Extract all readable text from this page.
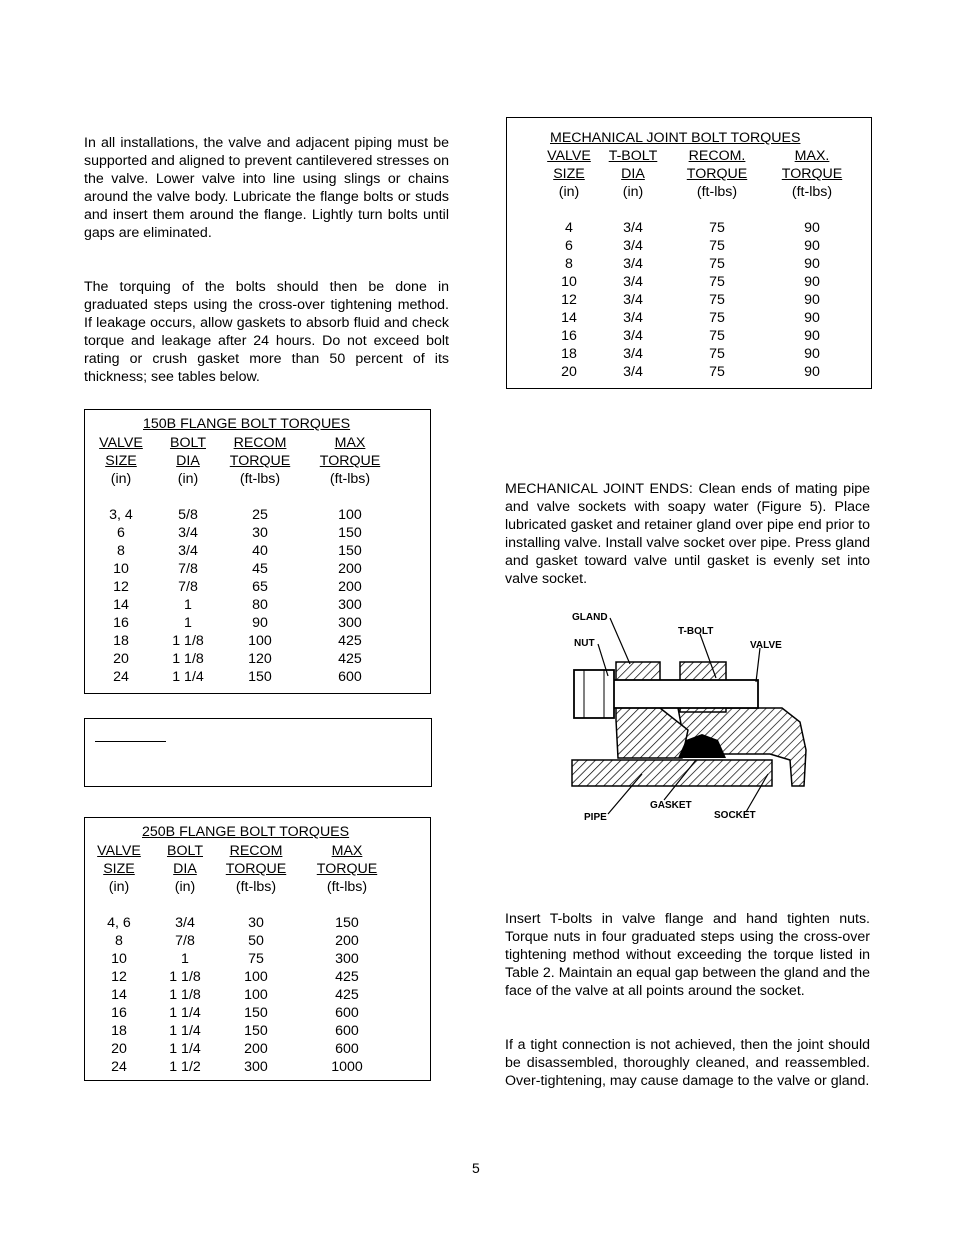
In all installations, the valve and adjacent piping must be supported and aligned to prevent cantilevered stresses on the valve. Lower valve into line using slings or chains around the valve body. Lubricate the flange bolts or studs and insert them around the flange. Lightly turn bolts until gaps are eliminated.

The torquing of the bolts should then be done in graduated steps using the cross-over tightening method. If leakage occurs, allow gaskets to absorb fluid and check torque and leakage after 24 hours. Do not exceed bolt rating or crush gasket more than 50 percent of its thickness; see tables below.

150B FLANGE BOLT TORQUES
VALVE	BOLT	RECOM	MAX
SIZE	DIA	TORQUE	TORQUE
(in)	(in)	(ft-lbs)	(ft-lbs)

3, 4	5/8	25	100
6	3/4	30	150
8	3/4	40	150
10	7/8	45	200
12	7/8	65	200
14	1	80	300
16	1	90	300
18	1 1/8	100	425
20	1 1/8	120	425
24	1 1/4	150	600
250B FLANGE BOLT TORQUES
VALVE	BOLT	RECOM	MAX
SIZE	DIA	TORQUE	TORQUE
(in)	(in)	(ft-lbs)	(ft-lbs)

4, 6	3/4	30	150
8	7/8	50	200
10	1	75	300
12	1 1/8	100	425
14	1 1/8	100	425
16	1 1/4	150	600
18	1 1/4	150	600
20	1 1/4	200	600
24	1 1/2	300	1000
MECHANICAL JOINT BOLT TORQUES
VALVE	T-BOLT	RECOM.	MAX.
SIZE	DIA	TORQUE	TORQUE
(in)	(in)	(ft-lbs)	(ft-lbs)

4	3/4	75	90
6	3/4	75	90
8	3/4	75	90
10	3/4	75	90
12	3/4	75	90
14	3/4	75	90
16	3/4	75	90
18	3/4	75	90
20	3/4	75	90

MECHANICAL JOINT ENDS: Clean ends of mating pipe and valve sockets with soapy water (Figure 5). Place lubricated gasket and retainer gland over pipe end prior to installing valve. Install valve socket over pipe. Press gland and gasket toward valve until gasket is evenly set into valve socket.

GLAND
NUT
T-BOLT
VALVE
PIPE
GASKET
SOCKET

Insert T-bolts in valve flange and hand tighten nuts. Torque nuts in four graduated steps using the cross-over tightening method without exceeding the torque listed in Table 2. Maintain an equal gap between the gland and the face of the valve at all points around the socket.

If a tight connection is not achieved, then the joint should be disassembled, thoroughly cleaned, and reassembled. Over-tightening, may cause damage to the valve or gland.

5
